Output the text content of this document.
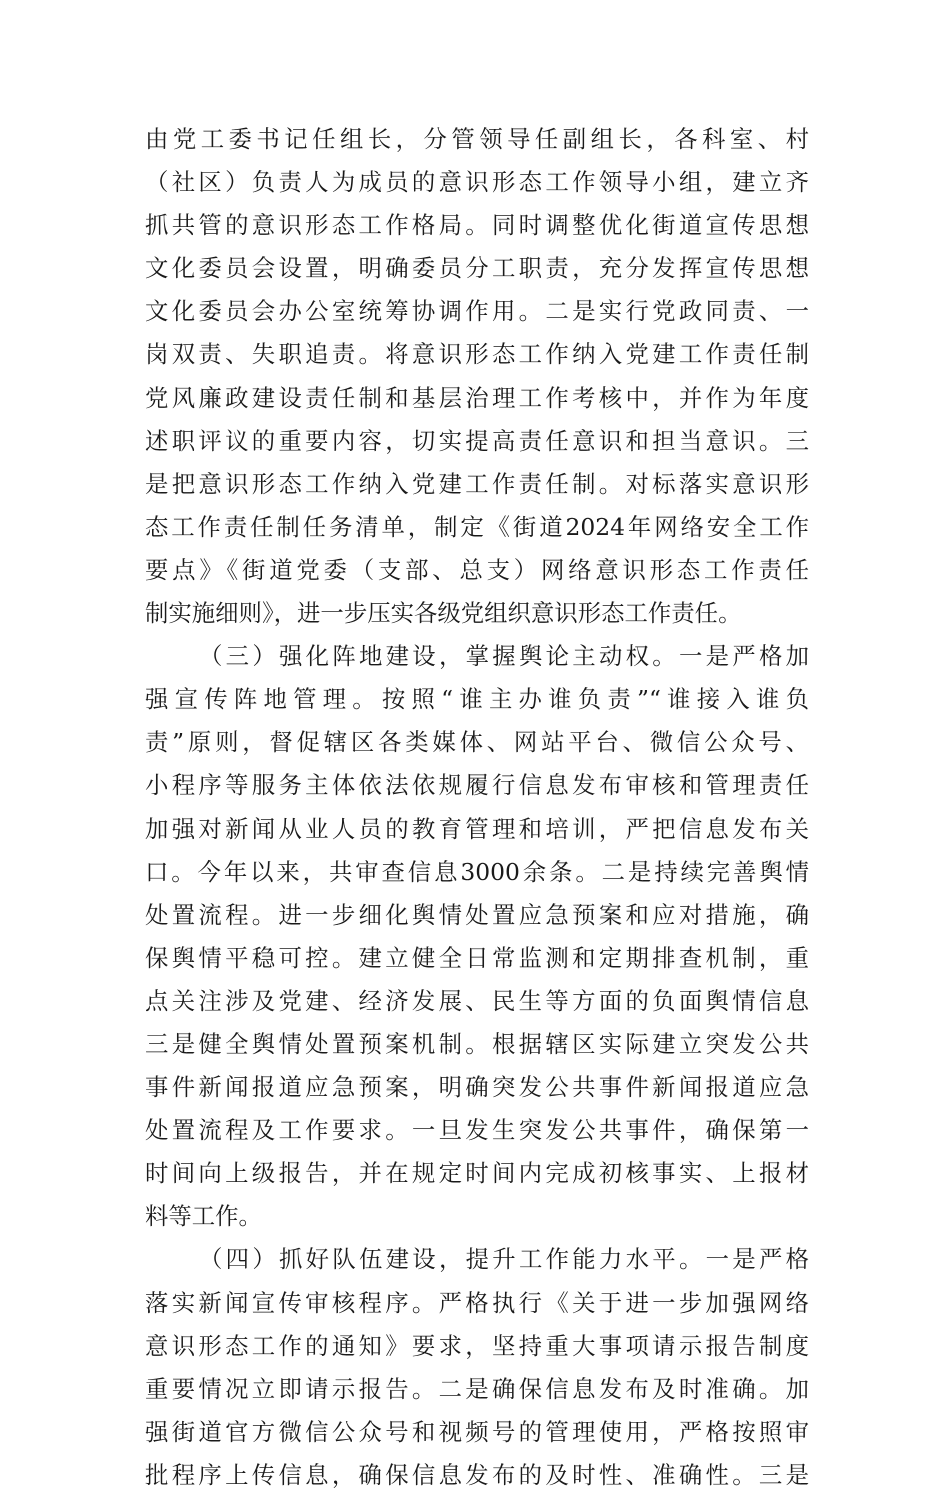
由党工委书记任组长，分管领导任副组长，各科室、村
（社区）负责人为成员的意识形态工作领导小组，建立齐
抓共管的意识形态工作格局。同时调整优化街道宣传思想
文化委员会设置，明确委员分工职责，充分发挥宣传思想
文化委员会办公室统筹协调作用。二是实行党政同责、一
岗双责、失职追责。将意识形态工作纳入党建工作责任制
党风廉政建设责任制和基层治理工作考核中，并作为年度
述职评议的重要内容，切实提高责任意识和担当意识。三
是把意识形态工作纳入党建工作责任制。对标落实意识形
态工作责任制任务清单，制定《街道2024年网络安全工作
要点》《街道党委（支部、总支）网络意识形态工作责任
制实施细则》，进一步压实各级党组织意识形态工作责任。
（三）强化阵地建设，掌握舆论主动权。一是严格加
强宣传阵地管理。按照“谁主办谁负责”“谁接入谁负
责”原则，督促辖区各类媒体、网站平台、微信公众号、
小程序等服务主体依法依规履行信息发布审核和管理责任
加强对新闻从业人员的教育管理和培训，严把信息发布关
口。今年以来，共审查信息3000余条。二是持续完善舆情
处置流程。进一步细化舆情处置应急预案和应对措施，确
保舆情平稳可控。建立健全日常监测和定期排查机制，重
点关注涉及党建、经济发展、民生等方面的负面舆情信息
三是健全舆情处置预案机制。根据辖区实际建立突发公共
事件新闻报道应急预案，明确突发公共事件新闻报道应急
处置流程及工作要求。一旦发生突发公共事件，确保第一
时间向上级报告，并在规定时间内完成初核事实、上报材
料等工作。
（四）抓好队伍建设，提升工作能力水平。一是严格
落实新闻宣传审核程序。严格执行《关于进一步加强网络
意识形态工作的通知》要求，坚持重大事项请示报告制度
重要情况立即请示报告。二是确保信息发布及时准确。加
强街道官方微信公众号和视频号的管理使用，严格按照审
批程序上传信息，确保信息发布的及时性、准确性。三是
